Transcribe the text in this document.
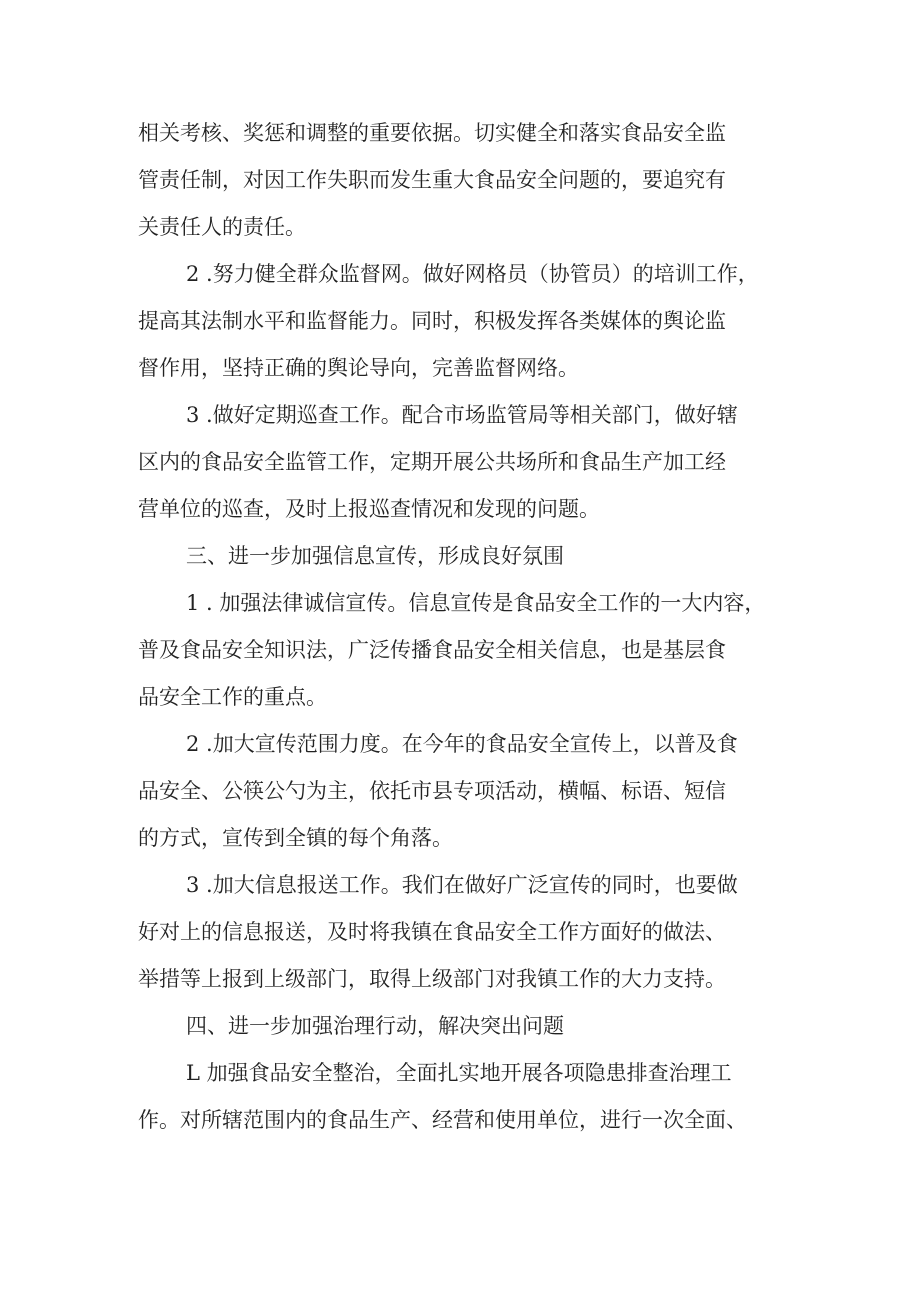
相关考核、奖惩和调整的重要依据。切实健全和落实食品安全监
管责任制，对因工作失职而发生重大食品安全问题的，要追究有
关责任人的责任。
2 .努力健全群众监督网。做好网格员（协管员）的培训工作，
提高其法制水平和监督能力。同时，积极发挥各类媒体的舆论监
督作用，坚持正确的舆论导向，完善监督网络。
3 .做好定期巡查工作。配合市场监管局等相关部门，做好辖
区内的食品安全监管工作，定期开展公共场所和食品生产加工经
营单位的巡查，及时上报巡查情况和发现的问题。
三、进一步加强信息宣传，形成良好氛围
1 . 加强法律诚信宣传。信息宣传是食品安全工作的一大内容，
普及食品安全知识法，广泛传播食品安全相关信息，也是基层食
品安全工作的重点。
2 .加大宣传范围力度。在今年的食品安全宣传上，以普及食
品安全、公筷公勺为主，依托市县专项活动，横幅、标语、短信
的方式，宣传到全镇的每个角落。
3 .加大信息报送工作。我们在做好广泛宣传的同时，也要做
好对上的信息报送，及时将我镇在食品安全工作方面好的做法、
举措等上报到上级部门，取得上级部门对我镇工作的大力支持。
四、进一步加强治理行动，解决突出问题
L 加强食品安全整治，全面扎实地开展各项隐患排查治理工
作。对所辖范围内的食品生产、经营和使用单位，进行一次全面、
